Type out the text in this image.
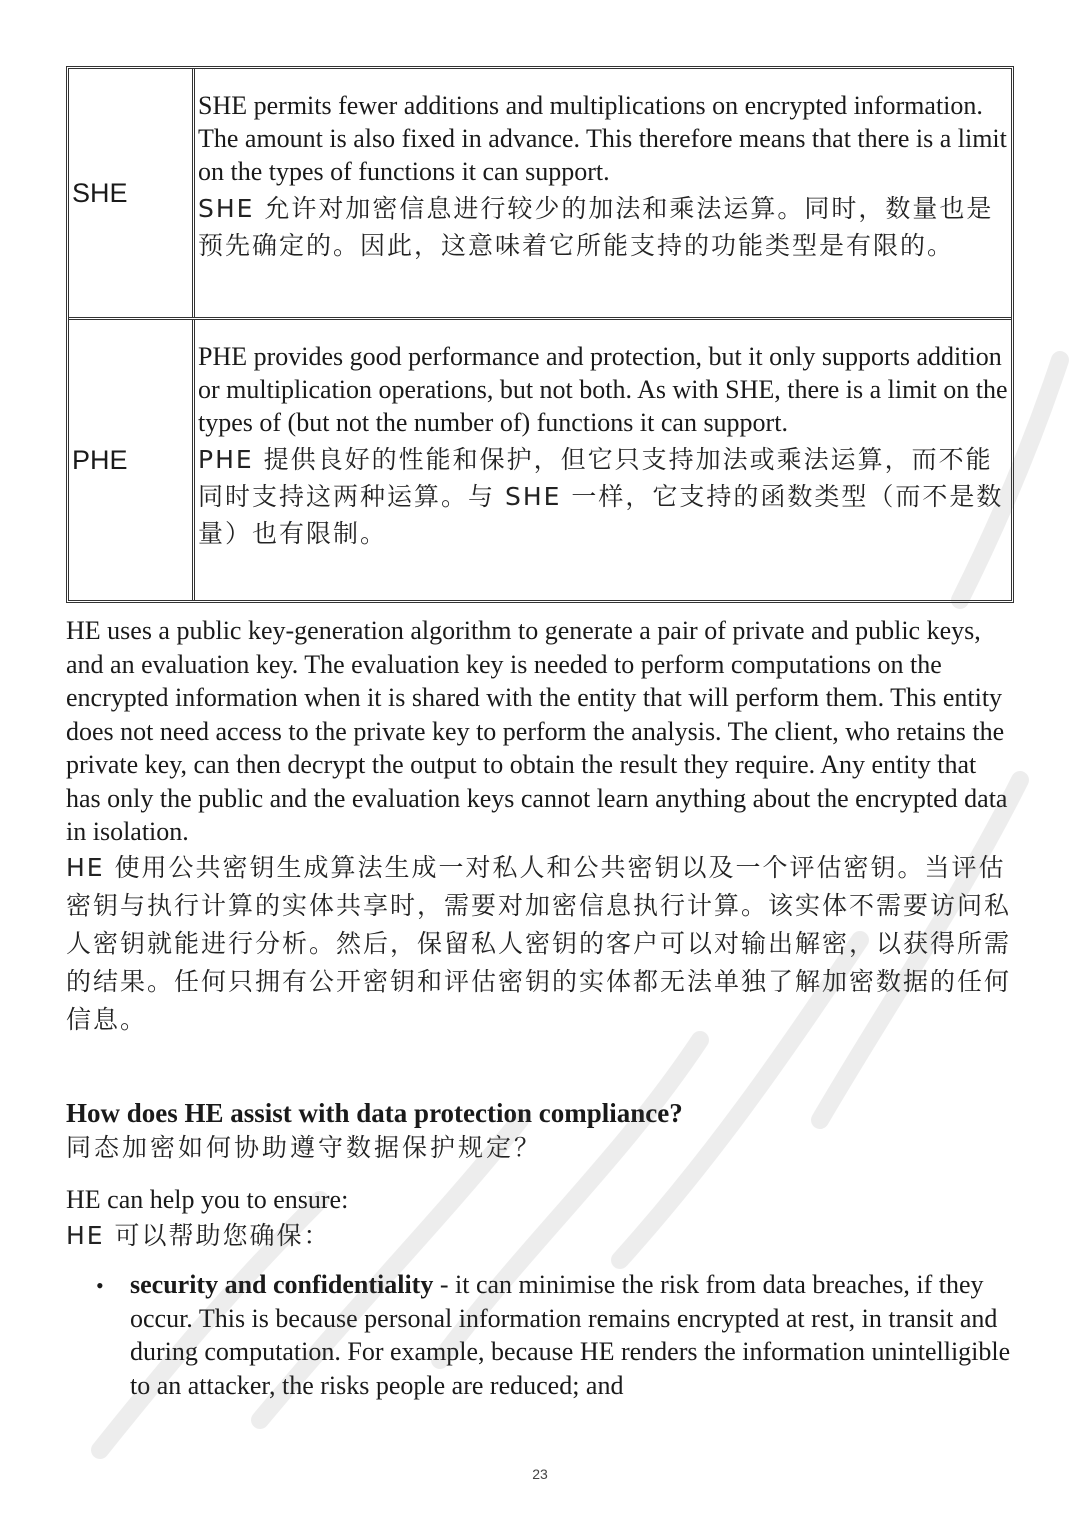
SHE
SHE permits fewer additions and multiplications on encrypted information. The amount is also fixed in advance. This therefore means that there is a limit on the types of functions it can support.
SHE 允许对加密信息进行较少的加法和乘法运算。同时，数量也是预先确定的。因此，这意味着它所能支持的功能类型是有限的。
PHE
PHE provides good performance and protection, but it only supports addition or multiplication operations, but not both. As with SHE, there is a limit on the types of (but not the number of) functions it can support.
PHE 提供良好的性能和保护，但它只支持加法或乘法运算，而不能同时支持这两种运算。与 SHE 一样，它支持的函数类型（而不是数量）也有限制。
HE uses a public key-generation algorithm to generate a pair of private and public keys, and an evaluation key. The evaluation key is needed to perform computations on the encrypted information when it is shared with the entity that will perform them. This entity does not need access to the private key to perform the analysis. The client, who retains the private key, can then decrypt the output to obtain the result they require. Any entity that has only the public and the evaluation keys cannot learn anything about the encrypted data in isolation.
HE 使用公共密钥生成算法生成一对私人和公共密钥以及一个评估密钥。当评估密钥与执行计算的实体共享时，需要对加密信息执行计算。该实体不需要访问私人密钥就能进行分析。然后，保留私人密钥的客户可以对输出解密，以获得所需的结果。任何只拥有公开密钥和评估密钥的实体都无法单独了解加密数据的任何信息。
How does HE assist with data protection compliance?
同态加密如何协助遵守数据保护规定？
HE can help you to ensure:
HE 可以帮助您确保：
•	security and confidentiality - it can minimise the risk from data breaches, if they occur. This is because personal information remains encrypted at rest, in transit and during computation. For example, because HE renders the information unintelligible to an attacker, the risks people are reduced; and
23
